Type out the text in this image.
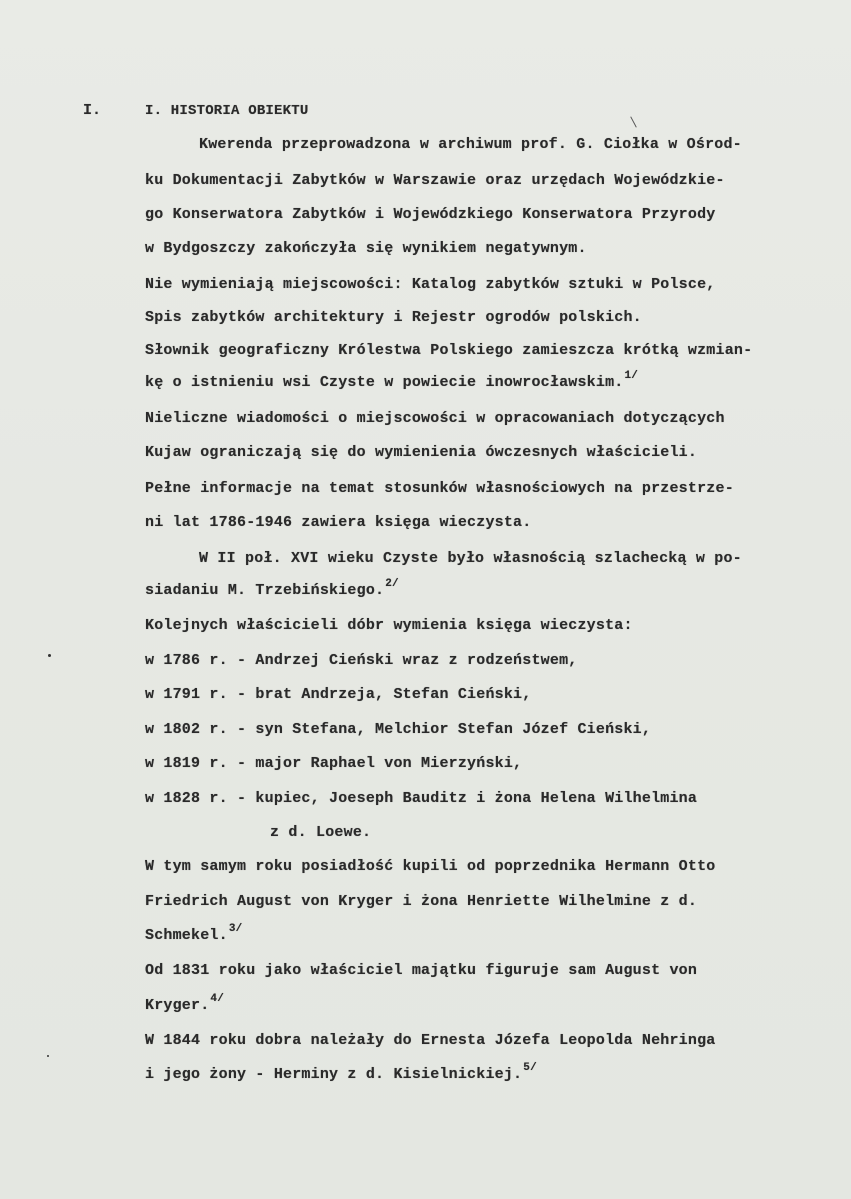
I.	I. HISTORIA OBIEKTU
Kwerenda przeprowadzona w archiwum prof. G. Ciołka w Ośrod-
ku Dokumentacji Zabytków w Warszawie oraz urzędach Wojewódzkie-
go Konserwatora Zabytków i Wojewódzkiego Konserwatora Przyrody
w Bydgoszczy zakończyła się wynikiem negatywnym.
Nie wymieniają miejscowości: Katalog zabytków sztuki w Polsce,
Spis zabytków architektury i Rejestr ogrodów polskich.
Słownik geograficzny Królestwa Polskiego zamieszcza krótką wzmian-
kę o istnieniu wsi Czyste w powiecie inowrocławskim.$^{1/}$
Nieliczne wiadomości o miejscowości w opracowaniach dotyczących
Kujaw ograniczają się do wymienienia ówczesnych właścicieli.
Pełne informacje na temat stosunków własnościowych na przestrze-
ni lat 1786-1946 zawiera księga wieczysta.
W II poł. XVI wieku Czyste było własnością szlachecką w po-
siadaniu M. Trzebińskiego.$^{2/}$
Kolejnych właścicieli dóbr wymienia księga wieczysta:
w 1786 r. - Andrzej Cieński wraz z rodzeństwem,
w 1791 r. - brat Andrzeja, Stefan Cieński,
w 1802 r. - syn Stefana, Melchior Stefan Józef Cieński,
w 1819 r. - major Raphael von Mierzyński,
w 1828 r. - kupiec, Joeseph Bauditz i żona Helena Wilhelmina
z d. Loewe.
W tym samym roku posiadłość kupili od poprzednika Hermann Otto
Friedrich August von Kryger i żona Henriette Wilhelmine z d.
Schmekel.$^{3/}$
Od 1831 roku jako właściciel majątku figuruje sam August von
Kryger.$^{4/}$
W 1844 roku dobra należały do Ernesta Józefa Leopolda Nehringa
i jego żony - Herminy z d. Kisielnickiej.$^{5/}$
